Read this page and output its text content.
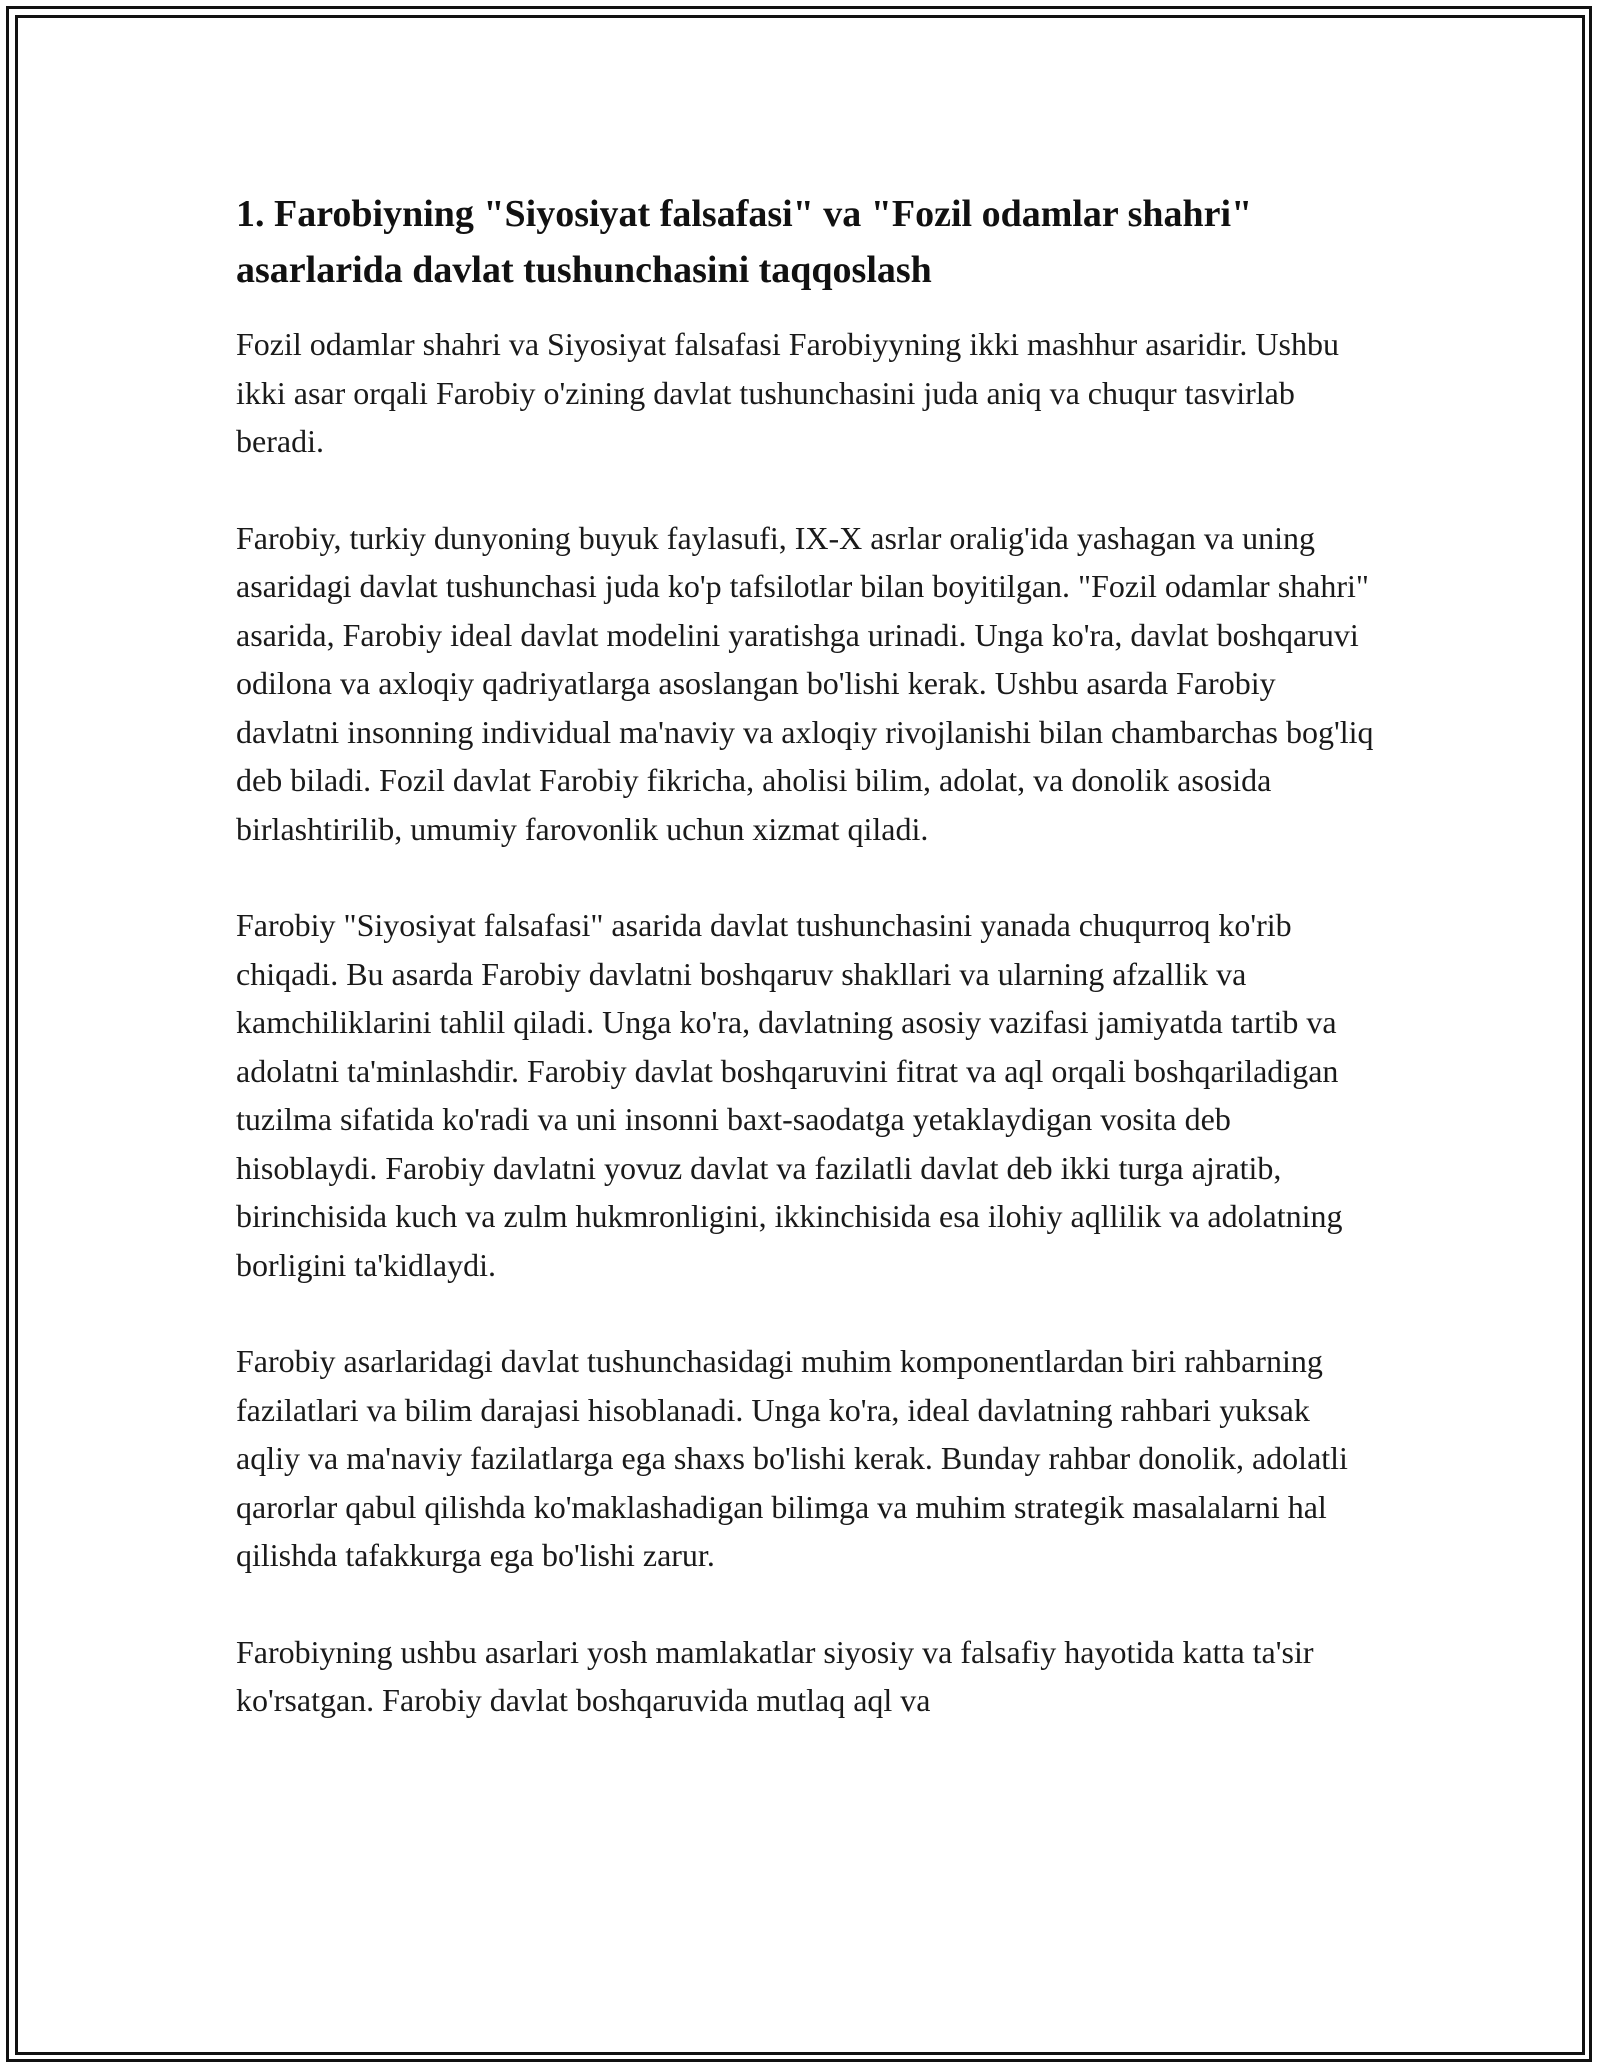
1. Farobiyning "Siyosiyat falsafasi" va "Fozil odamlar shahri" asarlarida davlat tushunchasini taqqoslash

Fozil odamlar shahri va Siyosiyat falsafasi Farobiyyning ikki mashhur asaridir. Ushbu ikki asar orqali Farobiy o'zining davlat tushunchasini juda aniq va chuqur tasvirlab beradi.

Farobiy, turkiy dunyoning buyuk faylasufi, IX-X asrlar oralig'ida yashagan va uning asaridagi davlat tushunchasi juda ko'p tafsilotlar bilan boyitilgan. "Fozil odamlar shahri" asarida, Farobiy ideal davlat modelini yaratishga urinadi. Unga ko'ra, davlat boshqaruvi odilona va axloqiy qadriyatlarga asoslangan bo'lishi kerak. Ushbu asarda Farobiy davlatni insonning individual ma'naviy va axloqiy rivojlanishi bilan chambarchas bog'liq deb biladi. Fozil davlat Farobiy fikricha, aholisi bilim, adolat, va donolik asosida birlashtirilib, umumiy farovonlik uchun xizmat qiladi.

Farobiy "Siyosiyat falsafasi" asarida davlat tushunchasini yanada chuqurroq ko'rib chiqadi. Bu asarda Farobiy davlatni boshqaruv shakllari va ularning afzallik va kamchiliklarini tahlil qiladi. Unga ko'ra, davlatning asosiy vazifasi jamiyatda tartib va adolatni ta'minlashdir. Farobiy davlat boshqaruvini fitrat va aql orqali boshqariladigan tuzilma sifatida ko'radi va uni insonni baxt-saodatga yetaklaydigan vosita deb hisoblaydi. Farobiy davlatni yovuz davlat va fazilatli davlat deb ikki turga ajratib, birinchisida kuch va zulm hukmronligini, ikkinchisida esa ilohiy aqllilik va adolatning borligini ta'kidlaydi.

Farobiy asarlaridagi davlat tushunchasidagi muhim komponentlardan biri rahbarning fazilatlari va bilim darajasi hisoblanadi. Unga ko'ra, ideal davlatning rahbari yuksak aqliy va ma'naviy fazilatlarga ega shaxs bo'lishi kerak. Bunday rahbar donolik, adolatli qarorlar qabul qilishda ko'maklashadigan bilimga va muhim strategik masalalarni hal qilishda tafakkurga ega bo'lishi zarur.

Farobiyning ushbu asarlari yosh mamlakatlar siyosiy va falsafiy hayotida katta ta'sir ko'rsatgan. Farobiy davlat boshqaruvida mutlaq aql va
